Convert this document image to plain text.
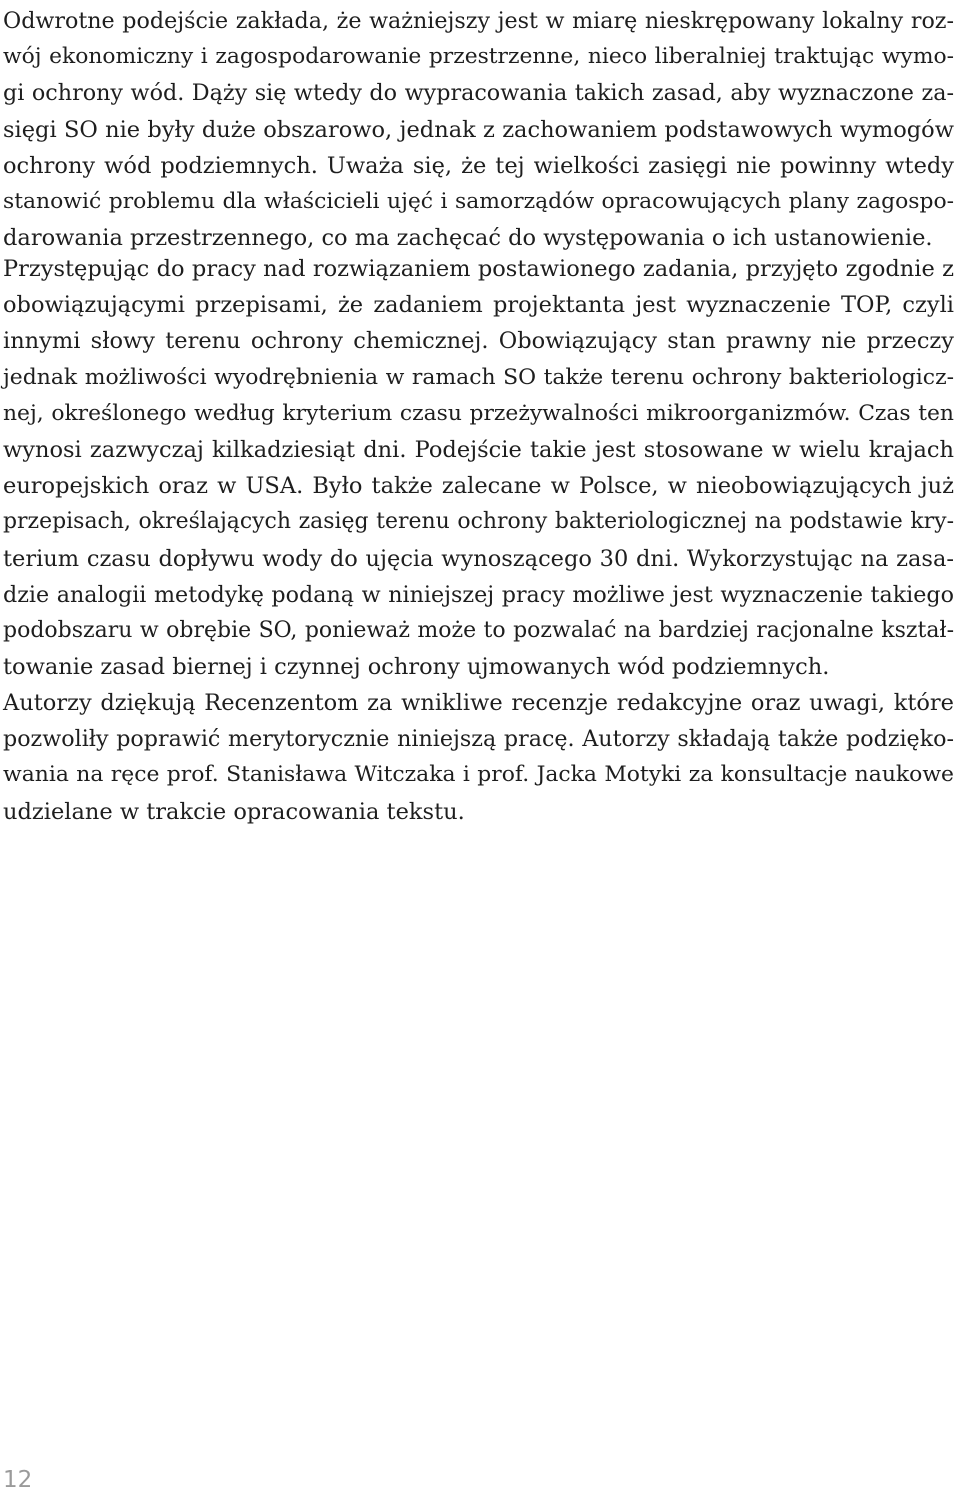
Odwrotne podejście zakłada, że ważniejszy jest w miarę nieskrępowany lokalny roz-
wój ekonomiczny i zagospodarowanie przestrzenne, nieco liberalniej traktując wymo-
gi ochrony wód. Dąży się wtedy do wypracowania takich zasad, aby wyznaczone za-
sięgi SO nie były duże obszarowo, jednak z zachowaniem podstawowych wymogów
ochrony wód podziemnych. Uważa się, że tej wielkości zasięgi nie powinny wtedy
stanowić problemu dla właścicieli ujęć i samorządów opracowujących plany zagospo-
darowania przestrzennego, co ma zachęcać do występowania o ich ustanowienie.
Przystępując do pracy nad rozwiązaniem postawionego zadania, przyjęto zgodnie z
obowiązującymi przepisami, że zadaniem projektanta jest wyznaczenie TOP, czyli
innymi słowy terenu ochrony chemicznej. Obowiązujący stan prawny nie przeczy
jednak możliwości wyodrębnienia w ramach SO także terenu ochrony bakteriologicz-
nej, określonego według kryterium czasu przeżywalności mikroorganizmów. Czas ten
wynosi zazwyczaj kilkadziesiąt dni. Podejście takie jest stosowane w wielu krajach
europejskich oraz w USA. Było także zalecane w Polsce, w nieobowiązujących już
przepisach, określających zasięg terenu ochrony bakteriologicznej na podstawie kry-
terium czasu dopływu wody do ujęcia wynoszącego 30 dni. Wykorzystując na zasa-
dzie analogii metodykę podaną w niniejszej pracy możliwe jest wyznaczenie takiego
podobszaru w obrębie SO, ponieważ może to pozwalać na bardziej racjonalne kształ-
towanie zasad biernej i czynnej ochrony ujmowanych wód podziemnych.
Autorzy dziękują Recenzentom za wnikliwe recenzje redakcyjne oraz uwagi, które
pozwoliły poprawić merytorycznie niniejszą pracę. Autorzy składają także podzięko-
wania na ręce prof. Stanisława Witczaka i prof. Jacka Motyki za konsultacje naukowe
udzielane w trakcie opracowania tekstu.
12
